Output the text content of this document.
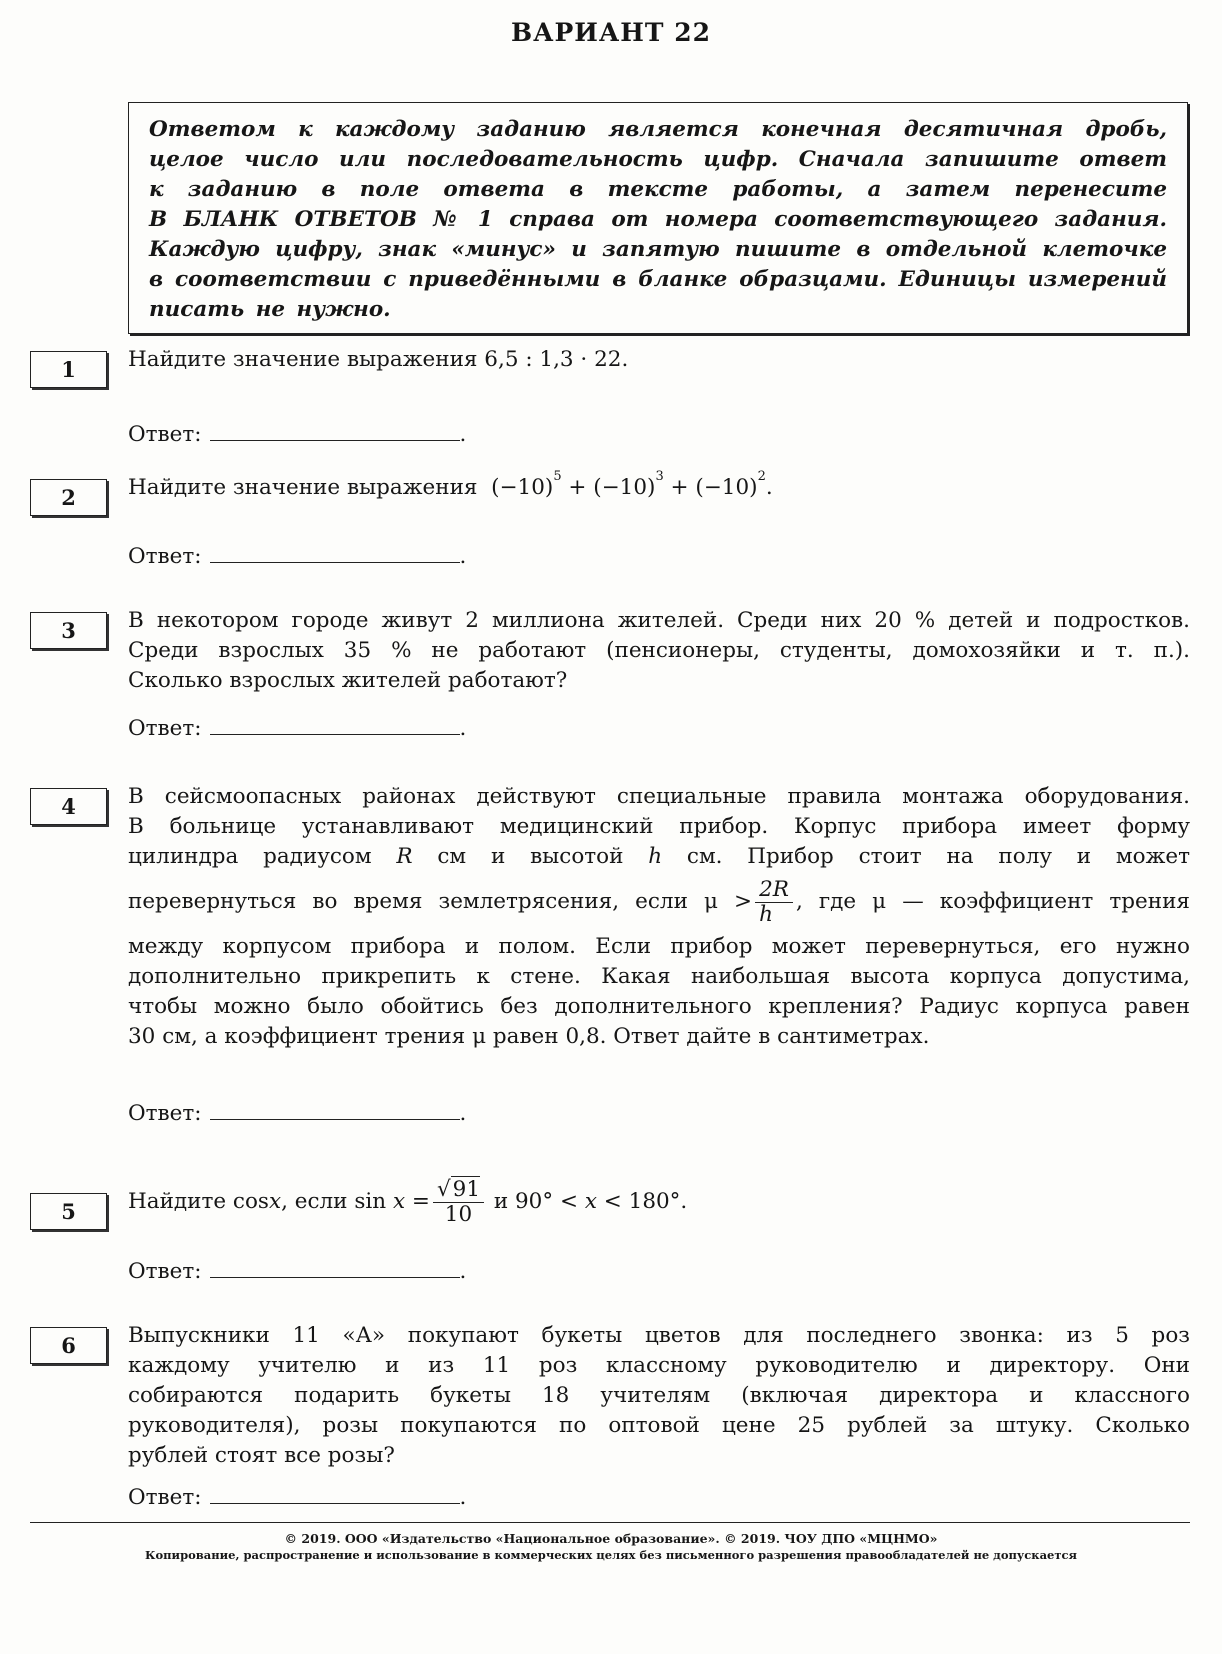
ВАРИАНТ 22
Ответом к каждому заданию является конечная десятичная дробь,
целое число или последовательность цифр. Сначала запишите ответ
к заданию в поле ответа в тексте работы, а затем перенесите
В БЛАНК ОТВЕТОВ № 1 справа от номера соответствующего задания.
Каждую цифру, знак «минус» и запятую пишите в отдельной клеточке
в соответствии с приведёнными в бланке образцами. Единицы измерений
писать не нужно.
1	Найдите значение выражения 6,5 : 1,3 · 22.
Ответ:	.
2	Найдите значение выражения $(-10)^5 + (-10)^3 + (-10)^2$.
Ответ:	.
3	В некотором городе живут 2 миллиона жителей. Среди них 20 % детей и подростков.
Среди взрослых 35 % не работают (пенсионеры, студенты, домохозяйки и т. п.).
Сколько взрослых жителей работают?
Ответ:	.
4	В сейсмоопасных районах действуют специальные правила монтажа оборудования.
В больнице устанавливают медицинский прибор. Корпус прибора имеет форму
цилиндра радиусом R см и высотой h см. Прибор стоит на полу и может
перевернуться во время землетрясения, если $\mu > \frac{2R}{h}$ , где μ — коэффициент трения
между корпусом прибора и полом. Если прибор может перевернуться, его нужно
дополнительно прикрепить к стене. Какая наибольшая высота корпуса допустима,
чтобы можно было обойтись без дополнительного крепления? Радиус корпуса равен
30 см, а коэффициент трения μ равен 0,8. Ответ дайте в сантиметрах.
Ответ:	.
5	Найдите cosx, если $\sin x = \frac{√91}{10}$ и 90° < x < 180°.
Ответ:	.
6	Выпускники 11 «А» покупают букеты цветов для последнего звонка: из 5 роз
каждому учителю и из 11 роз классному руководителю и директору. Они
собираются подарить букеты 18 учителям (включая директора и классного
руководителя), розы покупаются по оптовой цене 25 рублей за штуку. Сколько
рублей стоят все розы?
Ответ:	.
© 2019. ООО «Издательство «Национальное образование». © 2019. ЧОУ ДПО «МЦНМО»
Копирование, распространение и использование в коммерческих целях без письменного разрешения правообладателей не допускается
